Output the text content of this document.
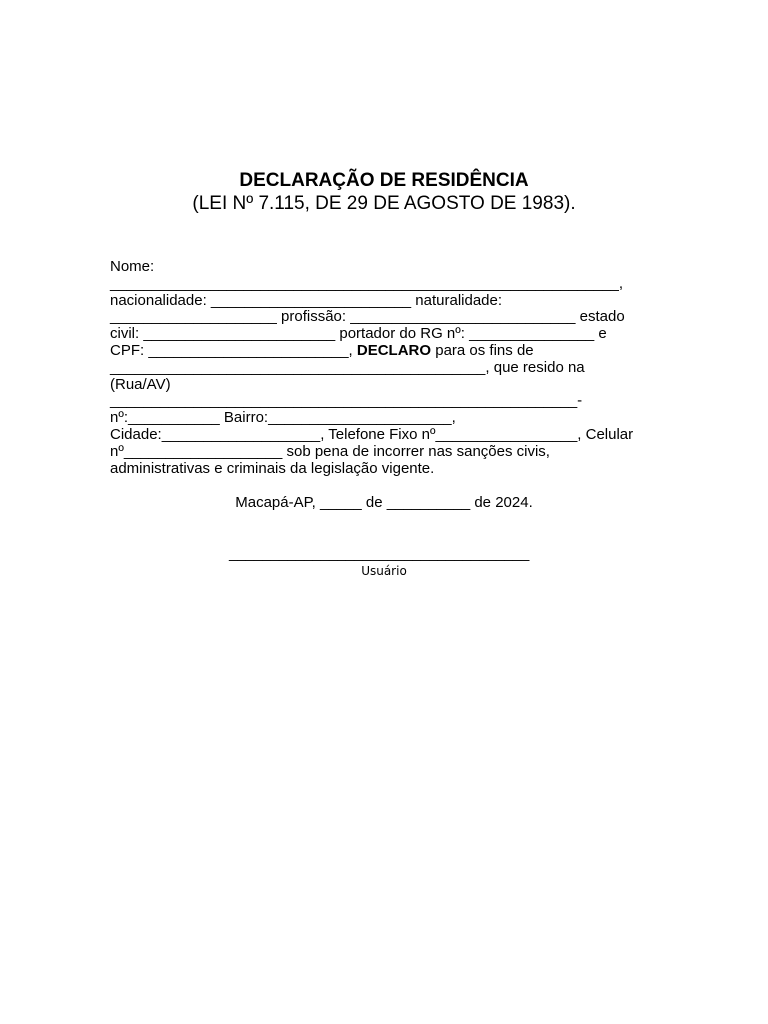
DECLARAÇÃO DE RESIDÊNCIA
(LEI Nº 7.115, DE 29 DE AGOSTO DE 1983).
Nome:
_____________________________________________________________,
nacionalidade: ________________________ naturalidade:
____________________ profissão: ___________________________ estado
civil: _______________________ portador do RG nº: _______________ e
CPF: ________________________, DECLARO para os fins de
_____________________________________________, que resido na
(Rua/AV)
________________________________________________________-
nº:___________ Bairro:______________________,
Cidade:___________________, Telefone Fixo nº_________________, Celular
nº___________________ sob pena de incorrer nas sanções civis,
administrativas e criminais da legislação vigente.
Macapá-AP, _____ de __________ de 2024.
____________________________________
Usuário
